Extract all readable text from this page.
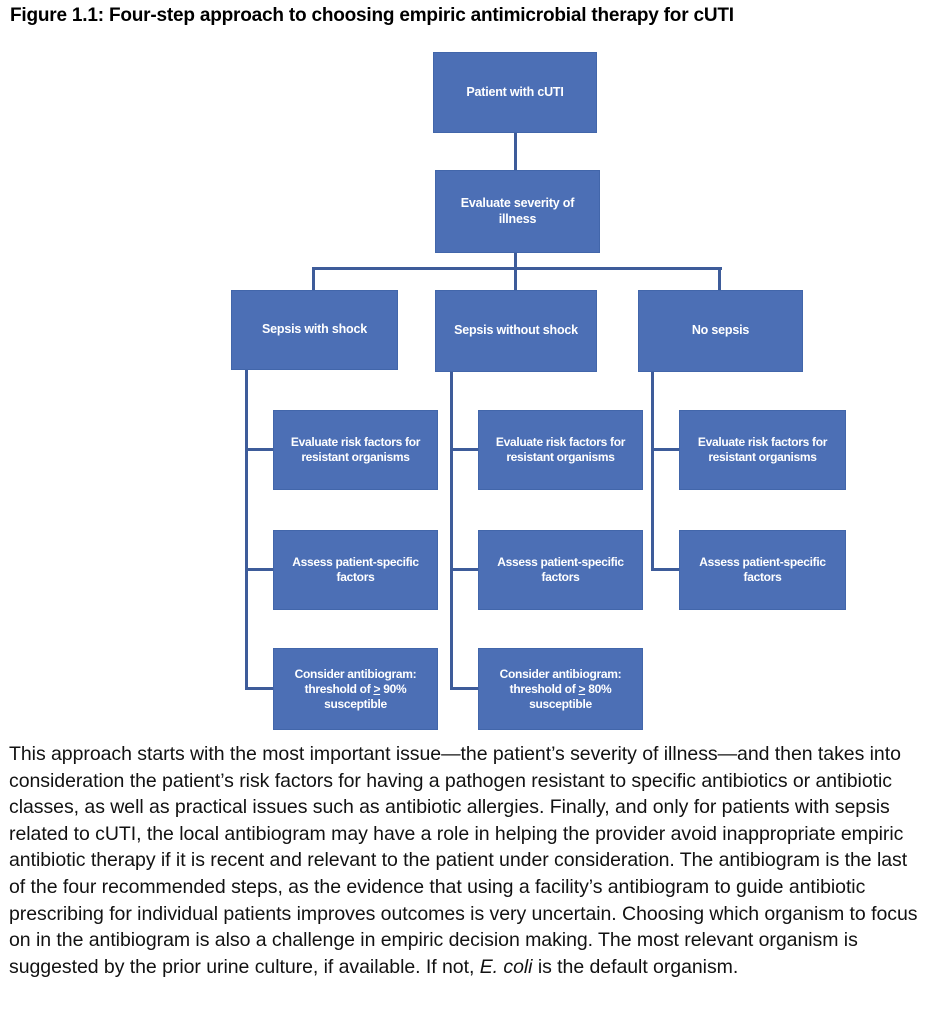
Figure 1.1: Four-step approach to choosing empiric antimicrobial therapy for cUTI
Patient with cUTI
Evaluate severity of
illness
Sepsis with shock	Sepsis without shock	No sepsis
Evaluate risk factors for
resistant organisms
Evaluate risk factors for
resistant organisms
Evaluate risk factors for
resistant organisms
Assess patient-specific
factors
Assess patient-specific
factors
Assess patient-specific
factors
Consider antibiogram:
threshold of ≥ 90%
susceptible
Consider antibiogram:
threshold of ≥ 80%
susceptible

This approach starts with the most important issue—the patient’s severity of illness—and then takes into consideration the patient’s risk factors for having a pathogen resistant to specific antibiotics or antibiotic classes, as well as practical issues such as antibiotic allergies. Finally, and only for patients with sepsis related to cUTI, the local antibiogram may have a role in helping the provider avoid inappropriate empiric antibiotic therapy if it is recent and relevant to the patient under consideration. The antibiogram is the last of the four recommended steps, as the evidence that using a facility’s antibiogram to guide antibiotic prescribing for individual patients improves outcomes is very uncertain. Choosing which organism to focus on in the antibiogram is also a challenge in empiric decision making. The most relevant organism is suggested by the prior urine culture, if available. If not, E. coli is the default organism.
